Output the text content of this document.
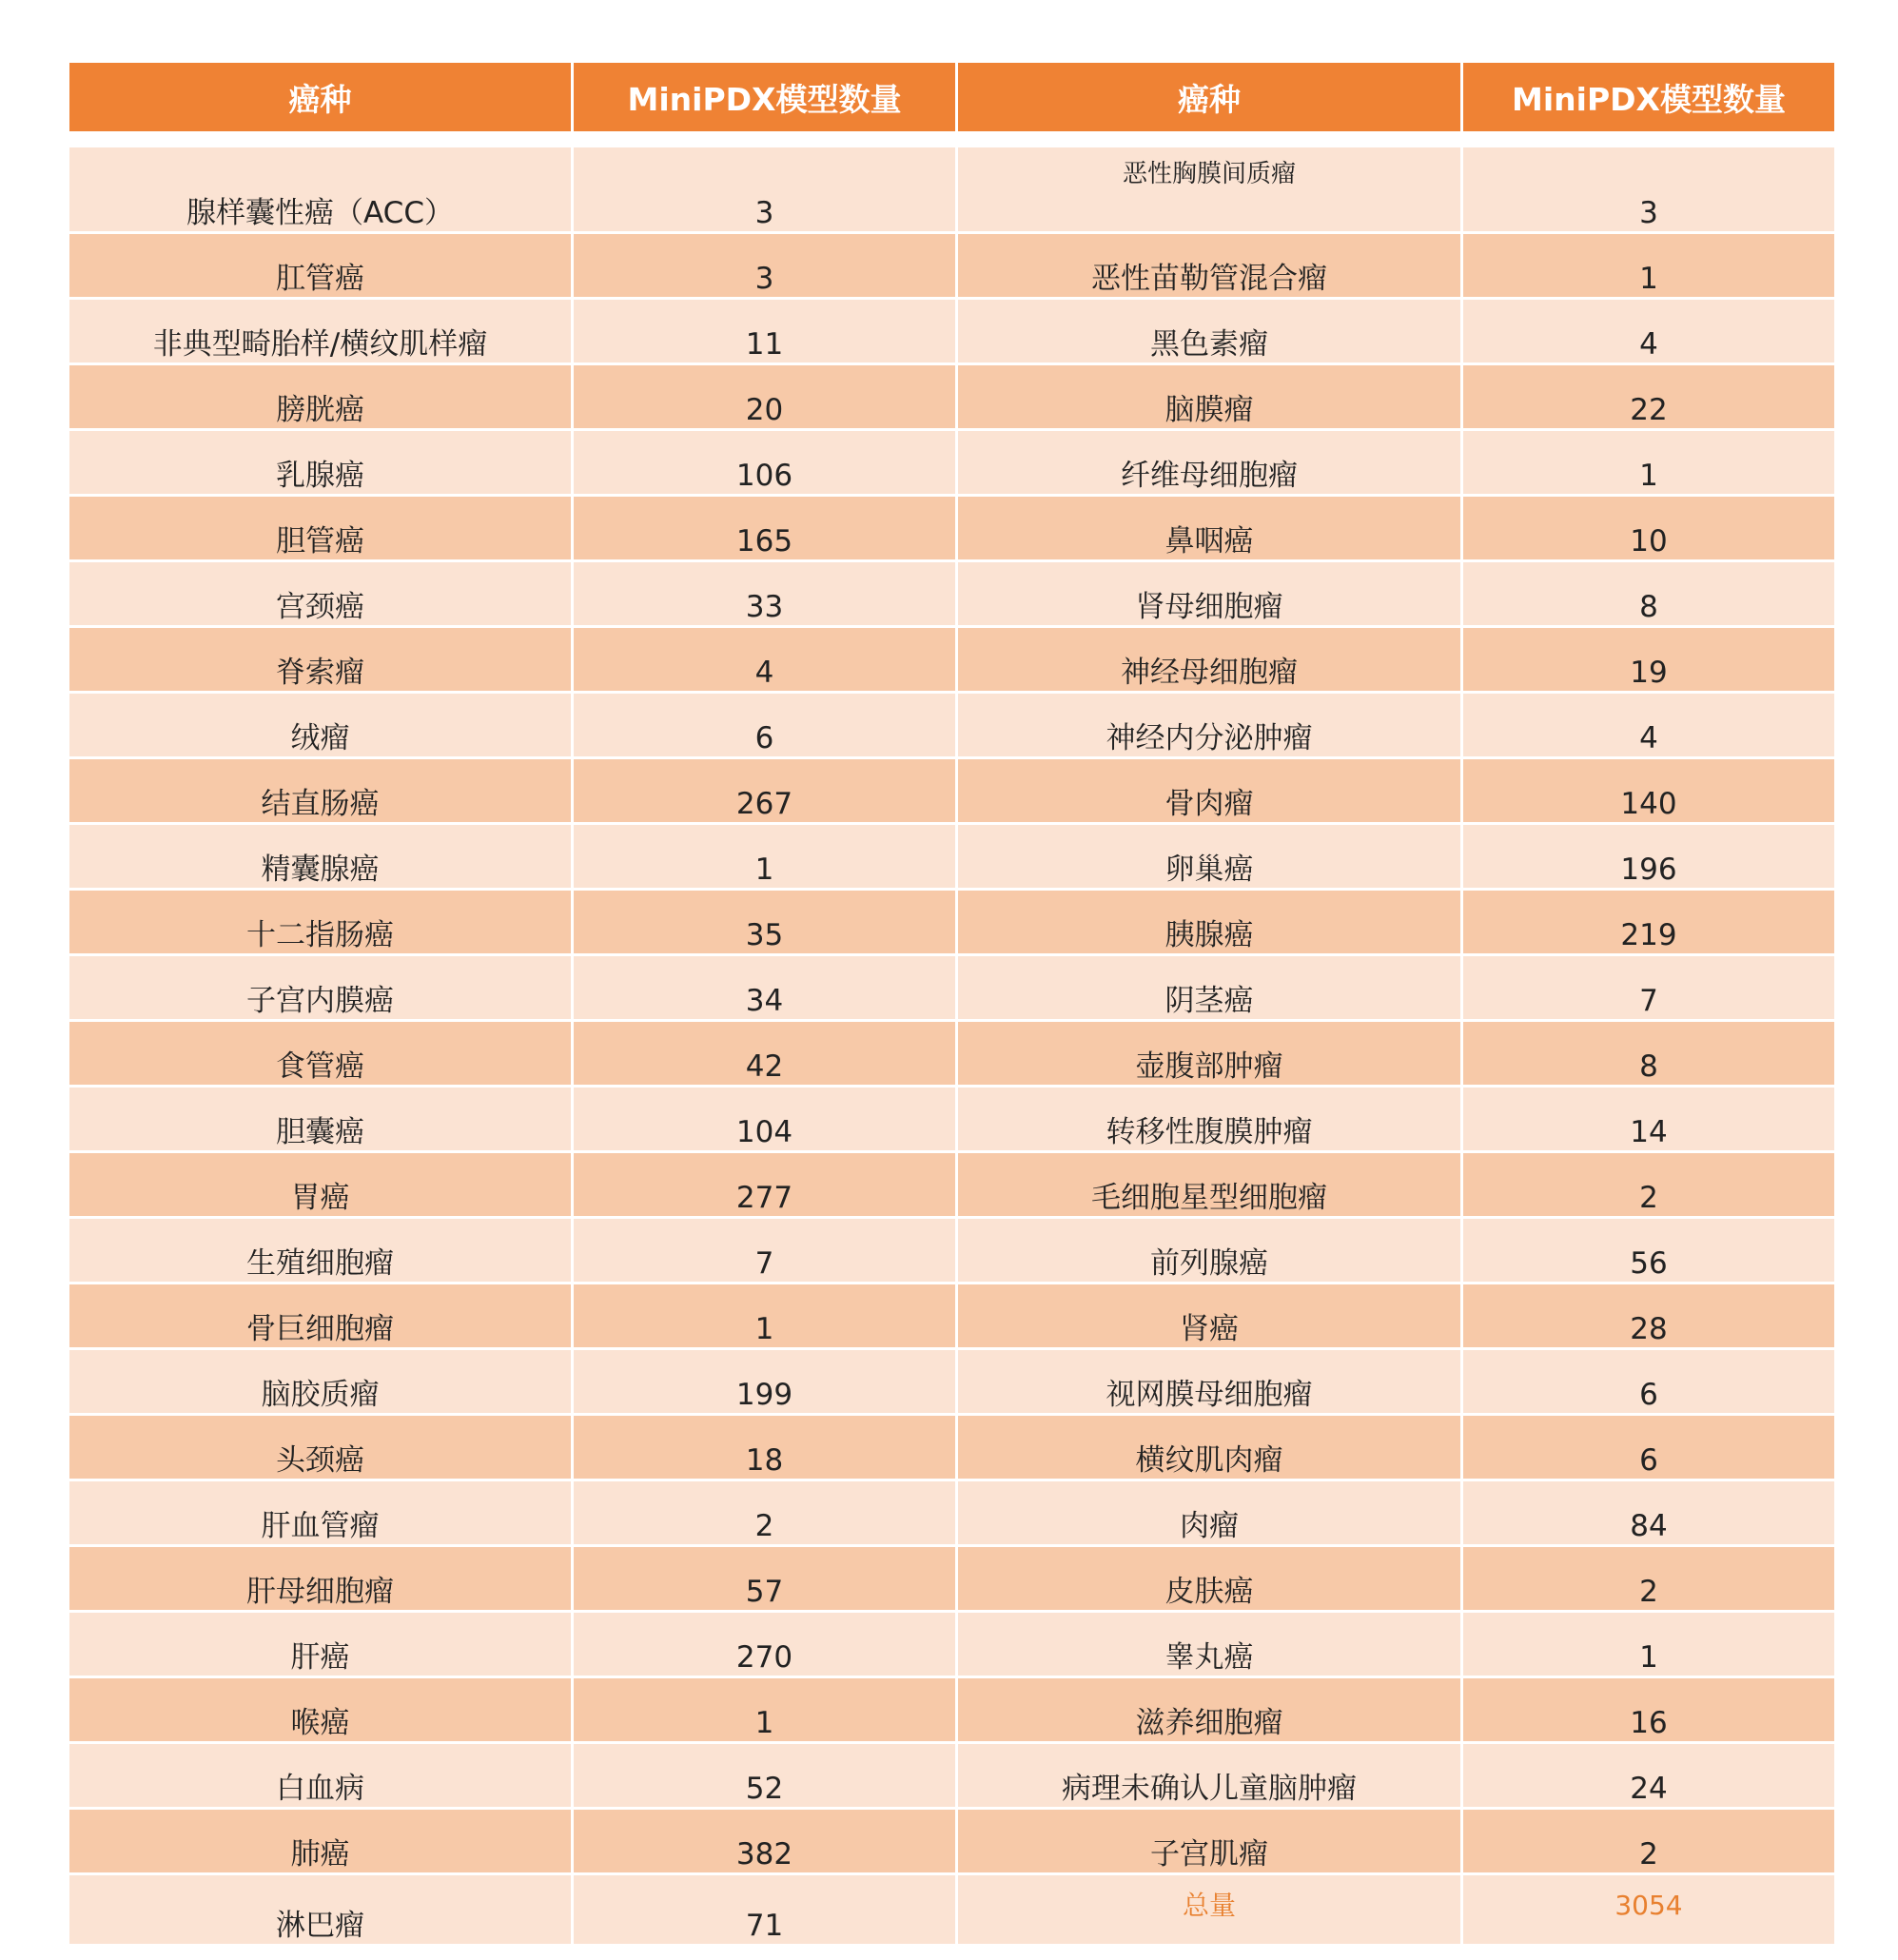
癌种	MiniPDX模型数量	癌种	MiniPDX模型数量

腺样囊性癌（ACC）	3	恶性胸膜间质瘤	3
肛管癌	3	恶性苗勒管混合瘤	1
非典型畸胎样/横纹肌样瘤	11	黑色素瘤	4
膀胱癌	20	脑膜瘤	22
乳腺癌	106	纤维母细胞瘤	1
胆管癌	165	鼻咽癌	10
宫颈癌	33	肾母细胞瘤	8
脊索瘤	4	神经母细胞瘤	19
绒瘤	6	神经内分泌肿瘤	4
结直肠癌	267	骨肉瘤	140
精囊腺癌	1	卵巢癌	196
十二指肠癌	35	胰腺癌	219
子宫内膜癌	34	阴茎癌	7
食管癌	42	壶腹部肿瘤	8
胆囊癌	104	转移性腹膜肿瘤	14
胃癌	277	毛细胞星型细胞瘤	2
生殖细胞瘤	7	前列腺癌	56
骨巨细胞瘤	1	肾癌	28
脑胶质瘤	199	视网膜母细胞瘤	6
头颈癌	18	横纹肌肉瘤	6
肝血管瘤	2	肉瘤	84
肝母细胞瘤	57	皮肤癌	2
肝癌	270	睾丸癌	1
喉癌	1	滋养细胞瘤	16
白血病	52	病理未确认儿童脑肿瘤	24
肺癌	382	子宫肌瘤	2
淋巴瘤	71	总量	3054
